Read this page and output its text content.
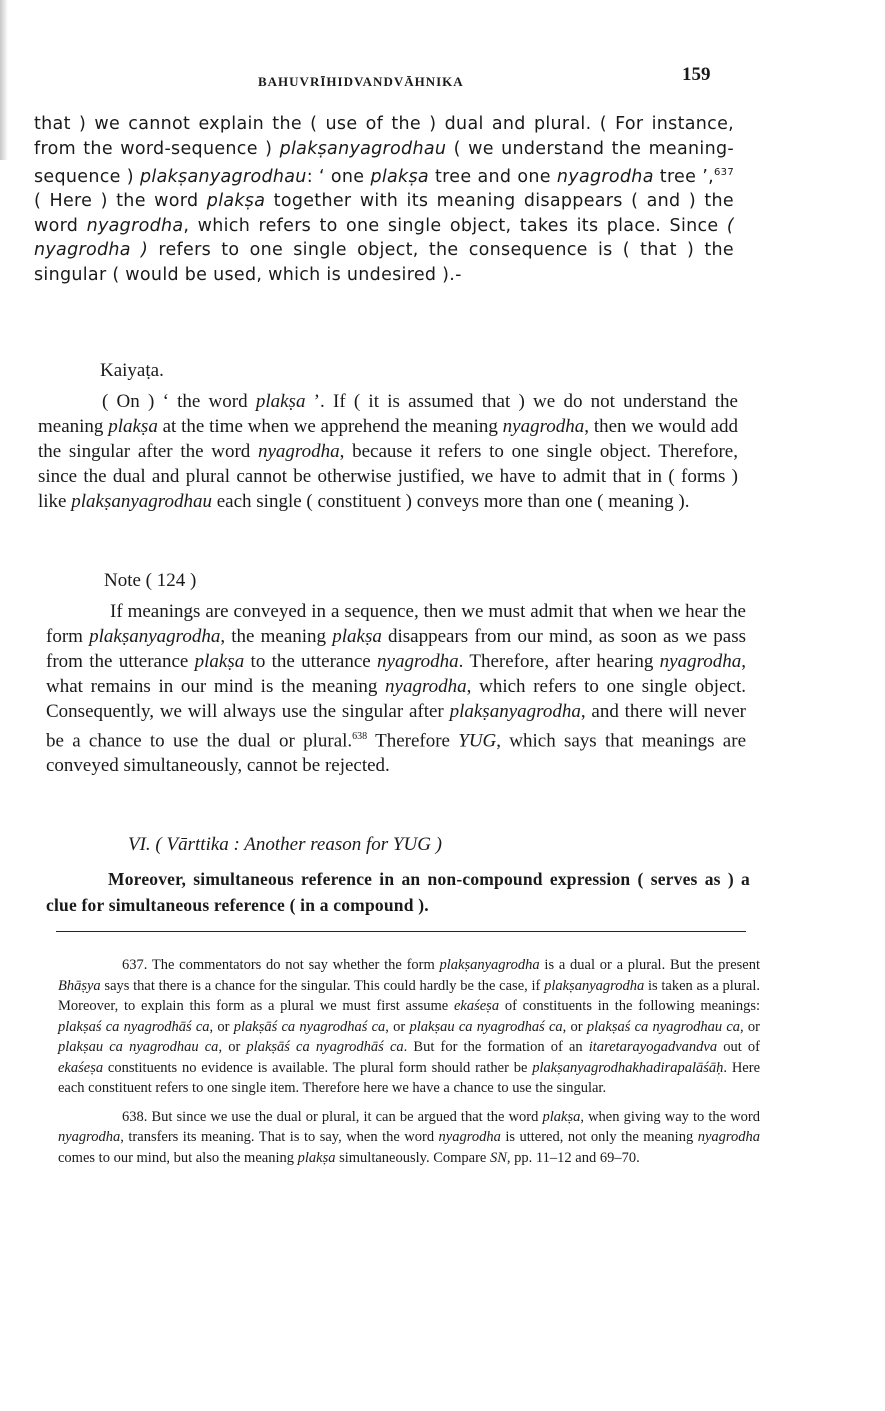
BAHUVRĪHIDVANDVĀHNIKA	159

that ) we cannot explain the ( use of the ) dual and plural. ( For instance, from the word-sequence ) plakṣanyagrodhau ( we understand the meaning-sequence ) plakṣanyagrodhau: ‘ one plakṣa tree and one nyagrodha tree ’,$^{637}$ ( Here ) the word plakṣa together with its meaning disappears ( and ) the word nyagrodha, which refers to one single object, takes its place. Since ( nyagrodha ) refers to one single object, the consequence is ( that ) the singular ( would be used, which is undesired ).-

Kaiyaṭa.

( On ) ‘ the word plakṣa ’. If ( it is assumed that ) we do not understand the meaning plakṣa at the time when we apprehend the meaning nyagrodha, then we would add the singular after the word nyagrodha, because it refers to one single object. Therefore, since the dual and plural cannot be otherwise justified, we have to admit that in ( forms ) like plakṣanyagrodhau each single ( constituent ) conveys more than one ( meaning ).

Note ( 124 )

If meanings are conveyed in a sequence, then we must admit that when we hear the form plakṣanyagrodha, the meaning plakṣa disappears from our mind, as soon as we pass from the utterance plakṣa to the utterance nyagrodha. Therefore, after hearing nyagrodha, what remains in our mind is the meaning nyagrodha, which refers to one single object. Consequently, we will always use the singular after plakṣanyagrodha, and there will never be a chance to use the dual or plural.$^{638}$ Therefore YUG, which says that meanings are conveyed simultaneously, cannot be rejected.

VI. ( Vārttika : Another reason for YUG )

Moreover, simultaneous reference in an non-compound expression ( serves as ) a clue for simultaneous reference ( in a compound ).

637. The commentators do not say whether the form plakṣanyagrodha is a dual or a plural. But the present Bhāṣya says that there is a chance for the singular. This could hardly be the case, if plakṣanyagrodha is taken as a plural. Moreover, to explain this form as a plural we must first assume ekaśeṣa of constituents in the following meanings: plakṣaś ca nyagrodhāś ca, or plakṣāś ca nyagrodhaś ca, or plakṣau ca nyagrodhaś ca, or plakṣaś ca nyagrodhau ca, or plakṣau ca nyagrodhau ca, or plakṣāś ca nyagrodhāś ca. But for the formation of an itaretarayogadvandva out of ekaśeṣa constituents no evidence is available. The plural form should rather be plakṣanyagrodhakhadirapalāśāḥ. Here each constituent refers to one single item. Therefore here we have a chance to use the singular.

638. But since we use the dual or plural, it can be argued that the word plakṣa, when giving way to the word nyagrodha, transfers its meaning. That is to say, when the word nyagrodha is uttered, not only the meaning nyagrodha comes to our mind, but also the meaning plakṣa simultaneously. Compare SN, pp. 11–12 and 69–70.
